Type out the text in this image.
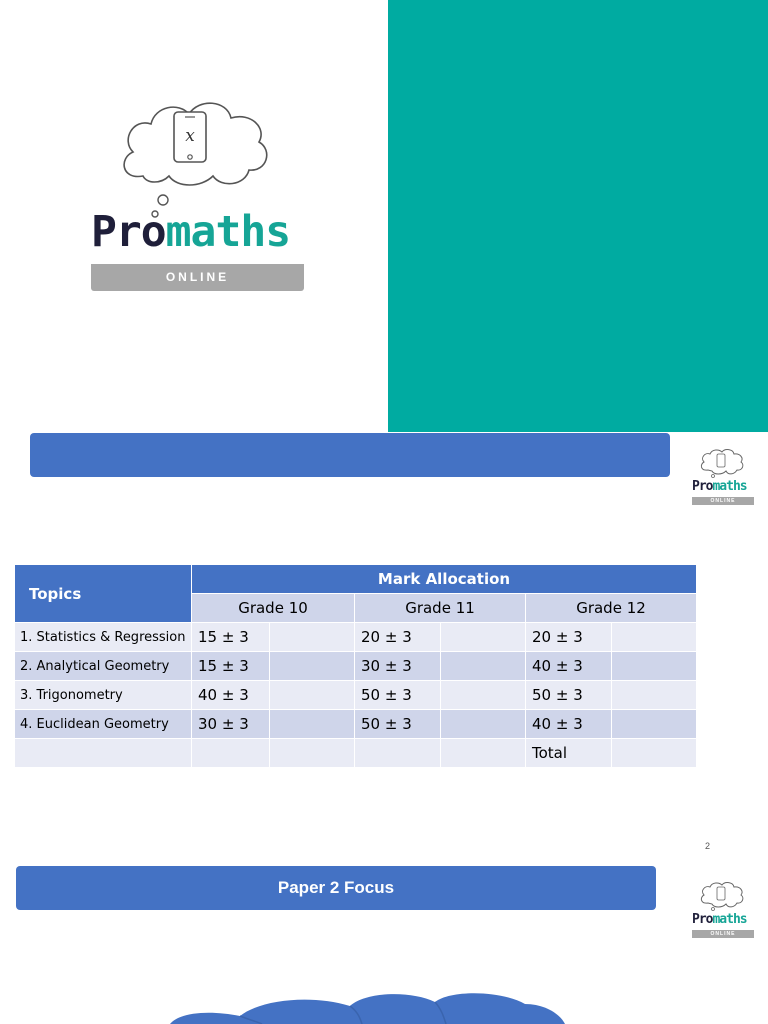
x
Promaths
ONLINE
Promaths
ONLINE
Topics	Mark Allocation					
	Grade 10		Grade 11		Grade 12	
1. Statistics & Regression	15 ± 3		20 ± 3		20 ± 3	
2. Analytical Geometry	15 ± 3		30 ± 3		40 ± 3	
3. Trigonometry	40 ± 3		50 ± 3		50 ± 3	
4. Euclidean Geometry	30 ± 3		50 ± 3		40 ± 3	
					Total	
2
Paper 2 Focus
Promaths
ONLINE
